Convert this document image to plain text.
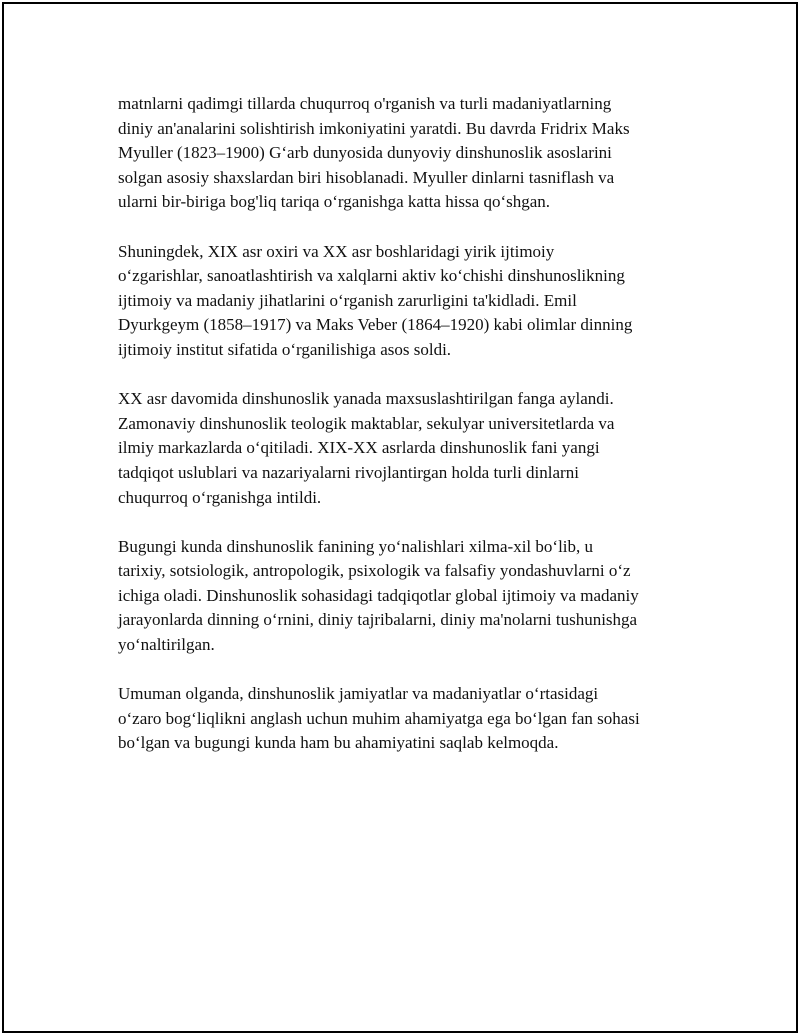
matnlarni qadimgi tillarda chuqurroq o'rganish va turli madaniyatlarning
diniy an'analarini solishtirish imkoniyatini yaratdi. Bu davrda Fridrix Maks
Myuller (1823–1900) G‘arb dunyosida dunyoviy dinshunoslik asoslarini
solgan asosiy shaxslardan biri hisoblanadi. Myuller dinlarni tasniflash va
ularni bir-biriga bog'liq tariqa o‘rganishga katta hissa qo‘shgan.

Shuningdek, XIX asr oxiri va XX asr boshlaridagi yirik ijtimoiy
o‘zgarishlar, sanoatlashtirish va xalqlarni aktiv ko‘chishi dinshunoslikning
ijtimoiy va madaniy jihatlarini o‘rganish zarurligini ta'kidladi. Emil
Dyurkgeym (1858–1917) va Maks Veber (1864–1920) kabi olimlar dinning
ijtimoiy institut sifatida o‘rganilishiga asos soldi.

XX asr davomida dinshunoslik yanada maxsuslashtirilgan fanga aylandi.
Zamonaviy dinshunoslik teologik maktablar, sekulyar universitetlarda va
ilmiy markazlarda o‘qitiladi. XIX-XX asrlarda dinshunoslik fani yangi
tadqiqot uslublari va nazariyalarni rivojlantirgan holda turli dinlarni
chuqurroq o‘rganishga intildi.

Bugungi kunda dinshunoslik fanining yo‘nalishlari xilma-xil bo‘lib, u
tarixiy, sotsiologik, antropologik, psixologik va falsafiy yondashuvlarni o‘z
ichiga oladi. Dinshunoslik sohasidagi tadqiqotlar global ijtimoiy va madaniy
jarayonlarda dinning o‘rnini, diniy tajribalarni, diniy ma'nolarni tushunishga
yo‘naltirilgan.

Umuman olganda, dinshunoslik jamiyatlar va madaniyatlar o‘rtasidagi
o‘zaro bog‘liqlikni anglash uchun muhim ahamiyatga ega bo‘lgan fan sohasi
bo‘lgan va bugungi kunda ham bu ahamiyatini saqlab kelmoqda.
